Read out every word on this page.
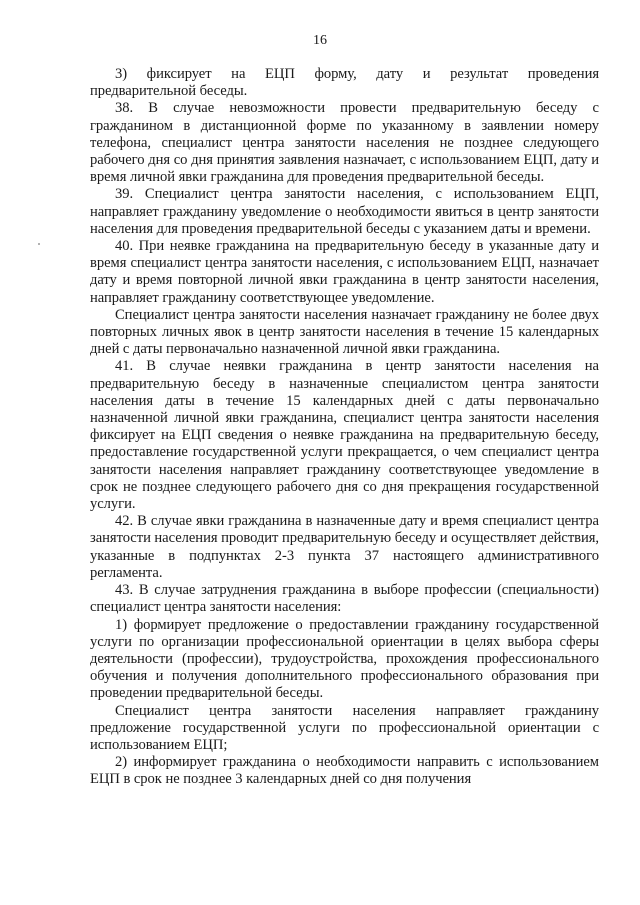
16

3)    фиксирует    на    ЕЦП    форму,    дату    и    результат    проведения предварительной беседы.

38. В случае невозможности провести предварительную беседу с гражданином в дистанционной форме по указанному в заявлении номеру телефона, специалист центра занятости населения не позднее следующего рабочего дня со дня принятия заявления назначает, с использованием ЕЦП, дату и время личной явки гражданина для проведения предварительной беседы.

39. Специалист центра занятости населения, с использованием ЕЦП, направляет гражданину уведомление о необходимости явиться в центр занятости населения для проведения предварительной беседы с указанием даты и времени.

40. При неявке гражданина на предварительную беседу в указанные дату и время специалист центра занятости населения, с использованием ЕЦП, назначает дату и время повторной личной явки гражданина в центр занятости населения, направляет гражданину соответствующее уведомление.

Специалист центра занятости населения назначает гражданину не более двух повторных личных явок в центр занятости населения в течение 15 календарных дней с даты первоначально назначенной личной явки гражданина.

41. В случае неявки гражданина в центр занятости населения на предварительную беседу в назначенные специалистом центра занятости населения даты в течение 15 календарных дней с даты первоначально назначенной личной явки гражданина, специалист центра занятости населения фиксирует на ЕЦП сведения о неявке гражданина на предварительную беседу, предоставление государственной услуги прекращается, о чем специалист центра занятости населения направляет гражданину соответствующее уведомление в срок не позднее следующего рабочего дня со дня прекращения государственной услуги.

42. В случае явки гражданина в назначенные дату и время специалист центра занятости населения проводит предварительную беседу и осуществляет действия, указанные в подпунктах 2-3 пункта 37 настоящего административного регламента.

43. В случае затруднения гражданина в выборе профессии (специальности) специалист центра занятости населения:

1) формирует предложение о предоставлении гражданину государственной услуги по организации профессиональной ориентации в целях выбора сферы деятельности (профессии), трудоустройства, прохождения профессионального обучения и получения дополнительного профессионального образования при проведении предварительной беседы.

Специалист центра занятости населения направляет гражданину предложение государственной услуги по профессиональной ориентации с использованием ЕЦП;

2) информирует гражданина о необходимости направить с использованием ЕЦП в срок не позднее 3 календарных дней со дня получения
